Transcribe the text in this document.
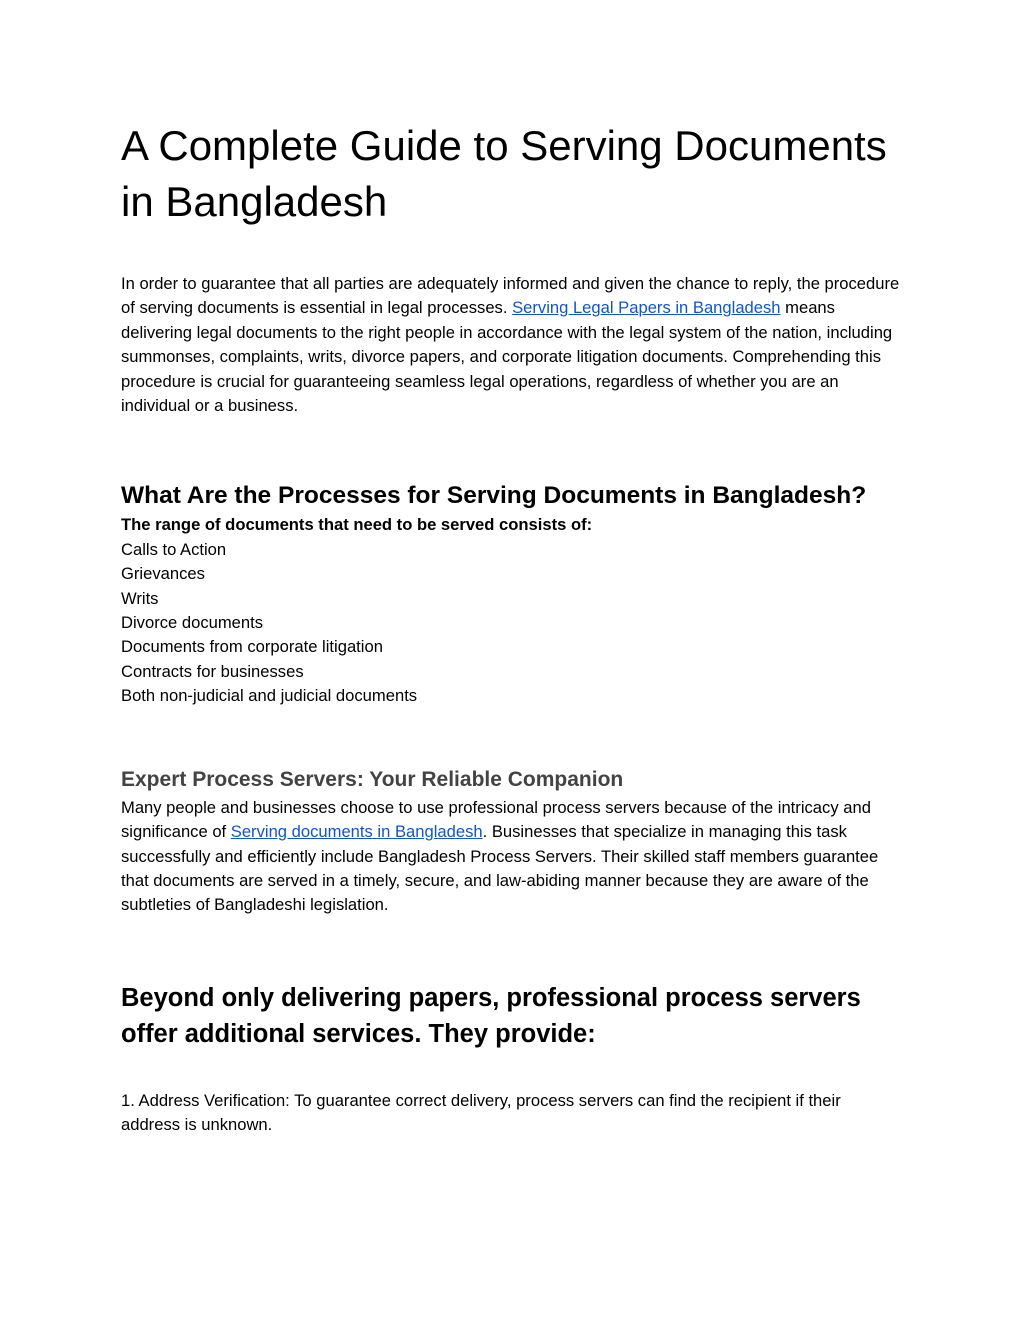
A Complete Guide to Serving Documents in Bangladesh

In order to guarantee that all parties are adequately informed and given the chance to reply, the procedure of serving documents is essential in legal processes. Serving Legal Papers in Bangladesh means delivering legal documents to the right people in accordance with the legal system of the nation, including summonses, complaints, writs, divorce papers, and corporate litigation documents. Comprehending this procedure is crucial for guaranteeing seamless legal operations, regardless of whether you are an individual or a business.

What Are the Processes for Serving Documents in Bangladesh?

The range of documents that need to be served consists of:

Calls to Action
Grievances
Writs
Divorce documents
Documents from corporate litigation
Contracts for businesses
Both non-judicial and judicial documents
Expert Process Servers: Your Reliable Companion

Many people and businesses choose to use professional process servers because of the intricacy and significance of Serving documents in Bangladesh. Businesses that specialize in managing this task successfully and efficiently include Bangladesh Process Servers. Their skilled staff members guarantee that documents are served in a timely, secure, and law-abiding manner because they are aware of the subtleties of Bangladeshi legislation.

Beyond only delivering papers, professional process servers offer additional services. They provide:

1. Address Verification: To guarantee correct delivery, process servers can find the recipient if their address is unknown.
